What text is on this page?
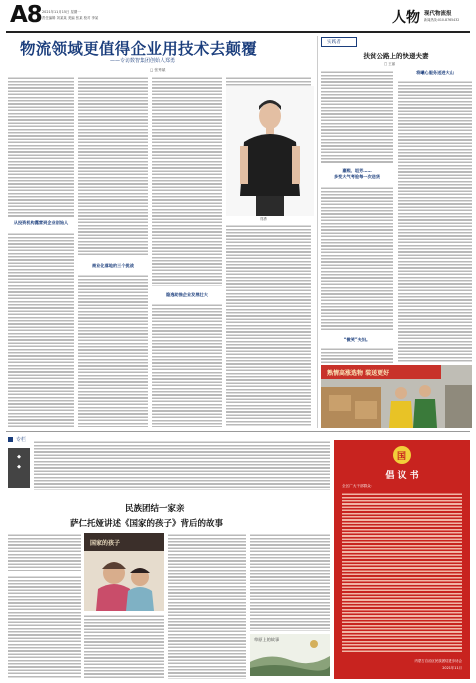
A8 2021年11月15日 星期一
责任编辑 刘某某 美编 张某 校对 李某	人物 现代物流报
新闻热线:010-8765432
物流领域更值得企业用技术去颠覆
——专访数智集团创始人郑勇
□ 张秀斌
从投资机构露营到企业创始人
商业化落地的三个挑战
隐逸助推企业发展壮大
郑勇
实践者
扶贫公路上的快递夫妻
□ 王丽
嘉熙、垣芳……
多变大气考验每一次送货
“微笑”夫妇。
将曦心服务送进大山
熟情高涨选物 装送更好
专栏
◆
◆
民族团结一家亲
萨仁托娅讲述《国家的孩子》背后的故事
国家的孩子
草原上的故事
国
倡 议 书
全区广大干部群众：
内蒙古自治区民族团结进步协会
2021年11月
